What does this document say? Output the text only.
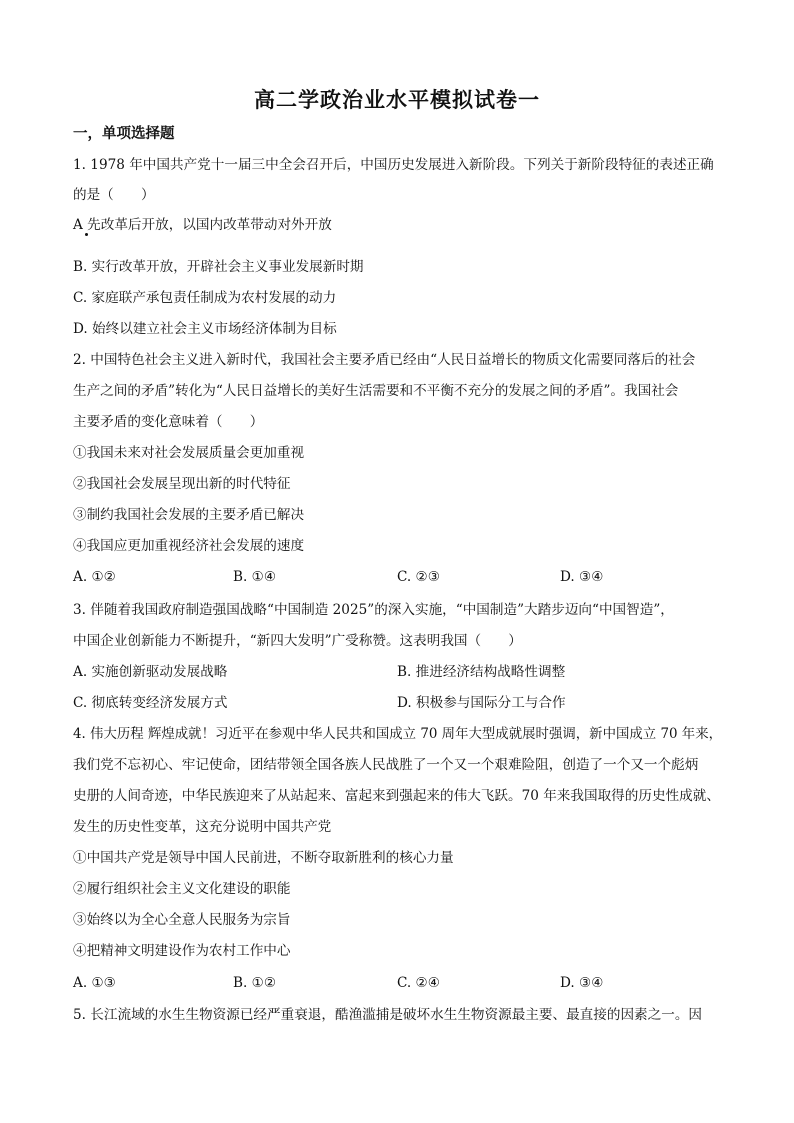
高二学政治业水平模拟试卷一
一，单项选择题
1. 1978 年中国共产党十一届三中全会召开后，中国历史发展进入新阶段。下列关于新阶段特征的表述正确
的是（　　）
A 先改革后开放，以国内改革带动对外开放
B. 实行改革开放，开辟社会主义事业发展新时期
C. 家庭联产承包责任制成为农村发展的动力
D. 始终以建立社会主义市场经济体制为目标
2. 中国特色社会主义进入新时代，我国社会主要矛盾已经由“人民日益增长的物质文化需要同落后的社会
生产之间的矛盾”转化为“人民日益增长的美好生活需要和不平衡不充分的发展之间的矛盾”。我国社会
主要矛盾的变化意味着（　　）
①我国未来对社会发展质量会更加重视
②我国社会发展呈现出新的时代特征
③制约我国社会发展的主要矛盾已解决
④我国应更加重视经济社会发展的速度
A. ①②	B. ①④	C. ②③	D. ③④
3. 伴随着我国政府制造强国战略“中国制造 2025”的深入实施，“中国制造”大踏步迈向“中国智造”，
中国企业创新能力不断提升，“新四大发明”广受称赞。这表明我国（　　）
A. 实施创新驱动发展战略	B. 推进经济结构战略性调整
C. 彻底转变经济发展方式	D. 积极参与国际分工与合作
4. 伟大历程 辉煌成就！习近平在参观中华人民共和国成立 70 周年大型成就展时强调，新中国成立 70 年来，
我们党不忘初心、牢记使命，团结带领全国各族人民战胜了一个又一个艰难险阻，创造了一个又一个彪炳
史册的人间奇迹，中华民族迎来了从站起来、富起来到强起来的伟大飞跃。70 年来我国取得的历史性成就、
发生的历史性变革，这充分说明中国共产党
①中国共产党是领导中国人民前进，不断夺取新胜利的核心力量
②履行组织社会主义文化建设的职能
③始终以为全心全意人民服务为宗旨
④把精神文明建设作为农村工作中心
A. ①③	B. ①②	C. ②④	D. ③④
5. 长江流域的水生生物资源已经严重衰退，酷渔滥捕是破坏水生生物资源最主要、最直接的因素之一。因
